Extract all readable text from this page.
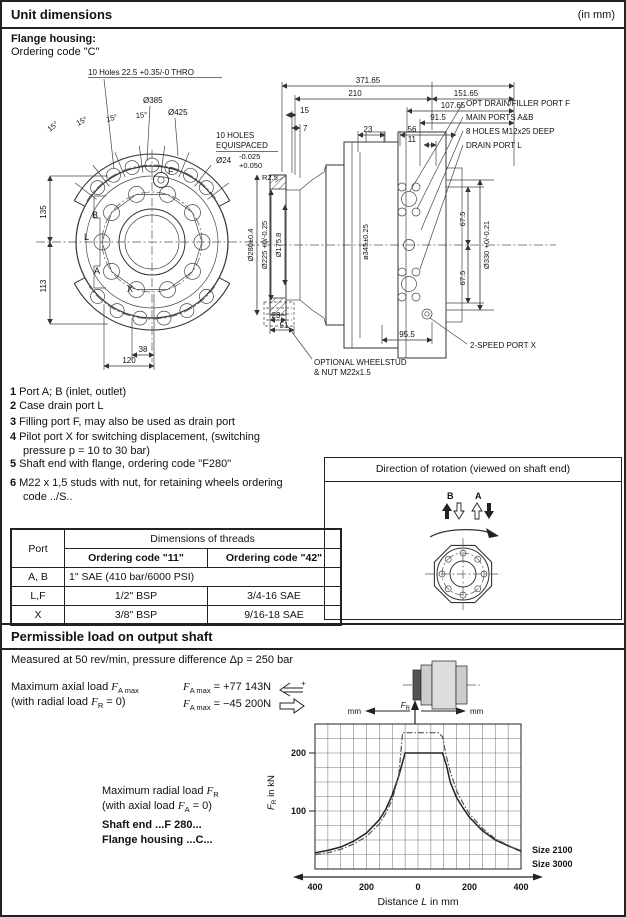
Unit dimensions	(in mm)
Flange housing:
Ordering code "C"
135
113
38
120
10 Holes 22.5 +0.35/-0 THRO
Ø385
Ø425
15° 15° 15° 15°
10 HOLES
EQUISPACED
Ø24 -0.025
+0.050
F
B
L
A
X
371.65
210	151.65
107.65
91.5
56
11
23
15
7
OPT DRAIN/FILLER PORT F
MAIN PORTS A&B
8 HOLES M12x25 DEEP
DRAIN PORT L
67.5
67.5
Ø330 +0/-0.21
Ø280±0.4 Ø225 +0/-0.25 Ø175.8	ø345±0.25
R2.5
23
51
95.5
2-SPEED PORT X
OPTIONAL WHEELSTUD
& NUT M22x1.5
1 Port A; B (inlet, outlet)
2 Case drain port L
3 Filling port F, may also be used as drain port
4 Pilot port X for switching displacement, (switching pressure p = 10 to 30 bar)
5 Shaft end with flange, ordering code "F280"
6 M22 x 1,5 studs with nut, for retaining wheels ordering code ../S..
Port	Dimensions of threads	
	Ordering code "11"	Ordering code "42"
A, B	1" SAE (410 bar/6000 PSI)	
L,F	1/2" BSP	3/4-16 SAE
X	3/8" BSP	9/16-18 SAE
Direction of rotation (viewed on shaft end)
B A
Permissible load on output shaft
Measured at 50 rev/min, pressure difference Δp = 250 bar
Maximum axial load $F_{A max}$
(with radial load $F_R = 0$)
$F_{A max} = +77$ 143N	+
$F_{A max} = -45$ 200N
Maximum radial load $F_R$
(with axial load $F_A = 0$)
Shaft end ...F 280...
Flange housing ...C...
$F_R$
mm	mm
200
100
400	200	0	200	400
Distance L in mm
$F_R$ in kN
Size 2100
Size 3000
